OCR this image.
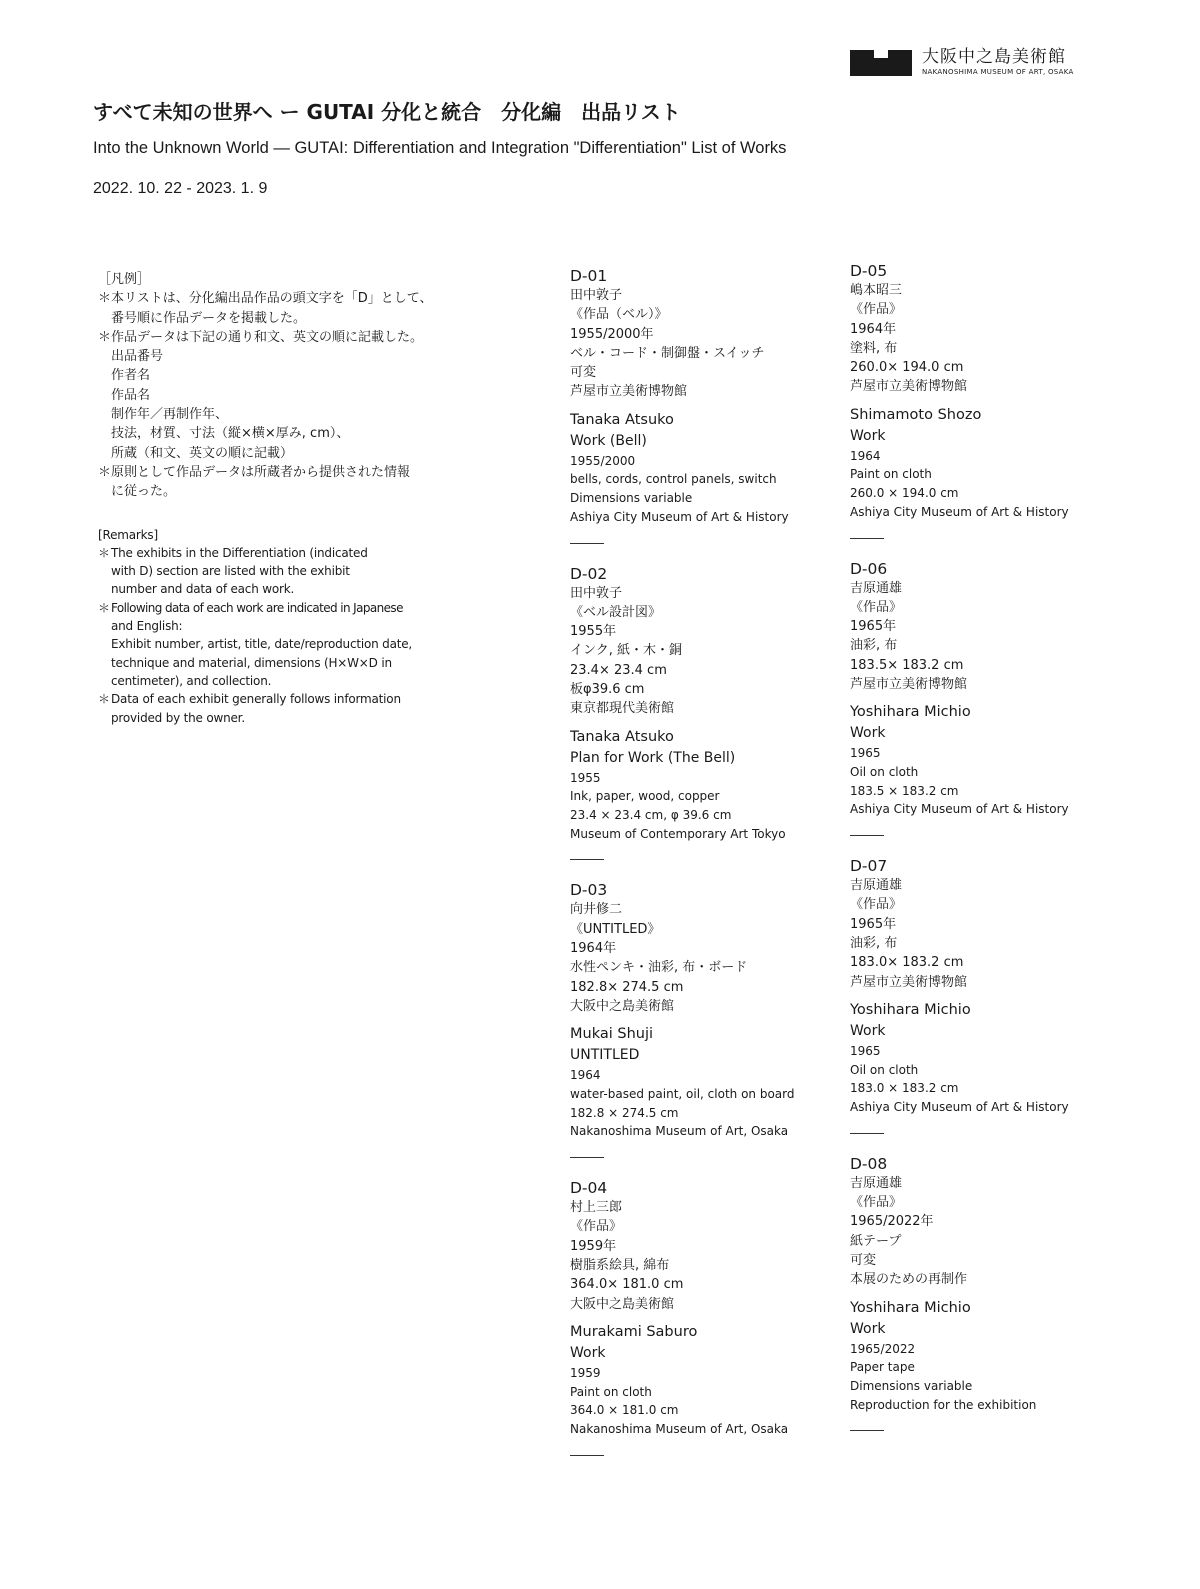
大阪中之島美術館
NAKANOSHIMA MUSEUM OF ART, OSAKA
すべて未知の世界へ ー GUTAI 分化と統合　分化編　出品リスト
Into the Unknown World — GUTAI: Differentiation and Integration "Differentiation" List of Works
2022. 10. 22 - 2023. 1. 9
［凡例］
＊ 本リストは、分化編出品作品の頭文字を「D」として、
番号順に作品データを掲載した。
＊ 作品データは下記の通り和文、英文の順に記載した。
出品番号
作者名
作品名
制作年／再制作年、
技法，材質、寸法（縦×横×厚み, cm）、
所蔵（和文、英文の順に記載）
＊ 原則として作品データは所蔵者から提供された情報
に従った。
[Remarks]
＊ The exhibits in the Differentiation (indicated
with D) section are listed with the exhibit
number and data of each work.
＊ Following data of each work are indicated in Japanese
and English:
Exhibit number, artist, title, date/reproduction date,
technique and material, dimensions (H×W×D in
centimeter), and collection.
＊ Data of each exhibit generally follows information
provided by the owner.
D-01
田中敦子
《作品（ベル）》
1955/2000年
ベル・コード・制御盤・スイッチ
可変
芦屋市立美術博物館
Tanaka Atsuko
Work (Bell)
1955/2000
bells, cords, control panels, switch
Dimensions variable
Ashiya City Museum of Art & History
D-02
田中敦子
《ベル設計図》
1955年
インク, 紙・木・銅
23.4× 23.4 cm
板φ39.6 cm
東京都現代美術館
Tanaka Atsuko
Plan for Work (The Bell)
1955
Ink, paper, wood, copper
23.4 × 23.4 cm, φ 39.6 cm
Museum of Contemporary Art Tokyo
D-03
向井修二
《UNTITLED》
1964年
水性ペンキ・油彩, 布・ボード
182.8× 274.5 cm
大阪中之島美術館
Mukai Shuji
UNTITLED
1964
water-based paint, oil, cloth on board
182.8 × 274.5 cm
Nakanoshima Museum of Art, Osaka
D-04
村上三郎
《作品》
1959年
樹脂系絵具, 綿布
364.0× 181.0 cm
大阪中之島美術館
Murakami Saburo
Work
1959
Paint on cloth
364.0 × 181.0 cm
Nakanoshima Museum of Art, Osaka
D-05
嶋本昭三
《作品》
1964年
塗料, 布
260.0× 194.0 cm
芦屋市立美術博物館
Shimamoto Shozo
Work
1964
Paint on cloth
260.0 × 194.0 cm
Ashiya City Museum of Art & History
D-06
吉原通雄
《作品》
1965年
油彩, 布
183.5× 183.2 cm
芦屋市立美術博物館
Yoshihara Michio
Work
1965
Oil on cloth
183.5 × 183.2 cm
Ashiya City Museum of Art & History
D-07
吉原通雄
《作品》
1965年
油彩, 布
183.0× 183.2 cm
芦屋市立美術博物館
Yoshihara Michio
Work
1965
Oil on cloth
183.0 × 183.2 cm
Ashiya City Museum of Art & History
D-08
吉原通雄
《作品》
1965/2022年
紙テープ
可変
本展のための再制作
Yoshihara Michio
Work
1965/2022
Paper tape
Dimensions variable
Reproduction for the exhibition
